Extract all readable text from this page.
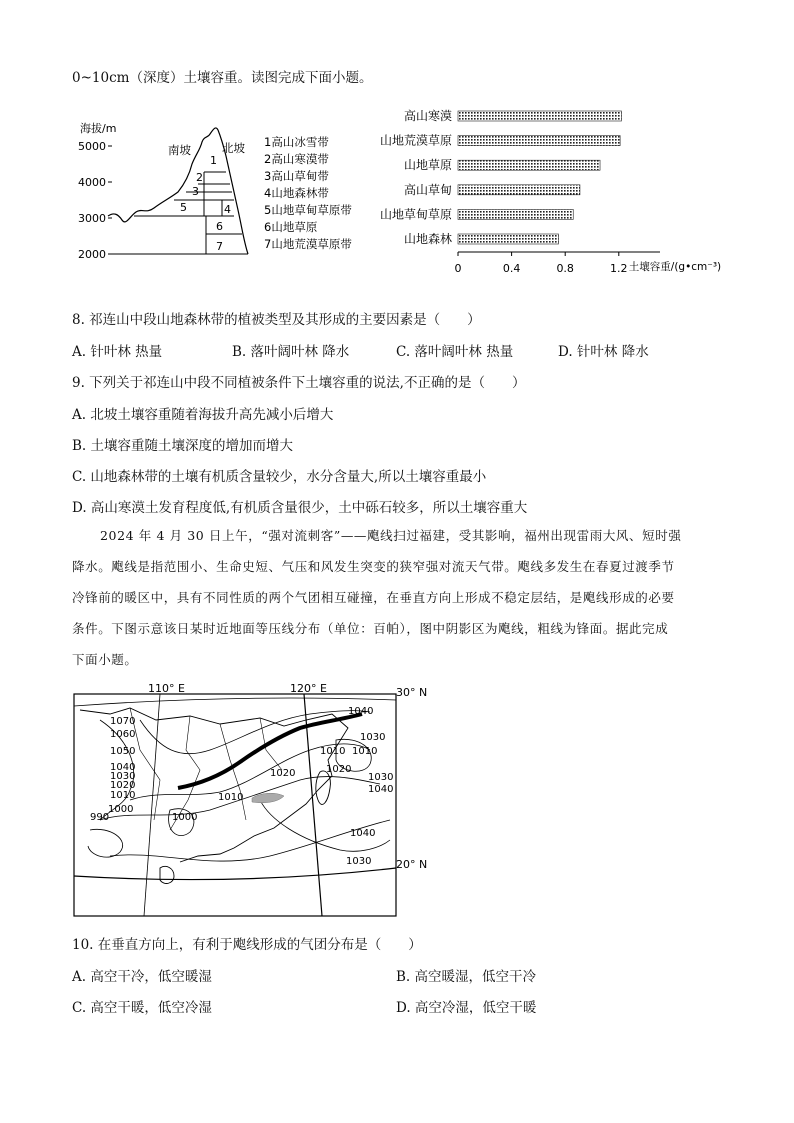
0~10cm（深度）土壤容重。读图完成下面小题。
海拔/m
5000
4000
3000
2000
1
2
3
4
5
6
7
南坡	北坡 1高山冰雪带
2高山寒漠带
3高山草甸带
4山地森林带
5山地草甸草原带
6山地草原
7山地荒漠草原带
高山寒漠
山地荒漠草原
山地草原
高山草甸
山地草甸草原
山地森林
0	0.4	0.8	1.2 土壤容重/(g•cm⁻³)
8. 祁连山中段山地森林带的植被类型及其形成的主要因素是（　　）
A. 针叶林 热量	B. 落叶阔叶林 降水	C. 落叶阔叶林 热量	D. 针叶林 降水
9. 下列关于祁连山中段不同植被条件下土壤容重的说法,不正确的是（　　）
A. 北坡土壤容重随着海拔升高先减小后增大
B. 土壤容重随土壤深度的增加而增大
C. 山地森林带的土壤有机质含量较少，水分含量大,所以土壤容重最小
D. 高山寒漠土发育程度低,有机质含量很少，土中砾石较多，所以土壤容重大
2024 年 4 月 30 日上午，“强对流刺客”——飑线扫过福建，受其影响，福州出现雷雨大风、短时强
降水。飑线是指范围小、生命史短、气压和风发生突变的狭窄强对流天气带。飑线多发生在春夏过渡季节
冷锋前的暖区中，具有不同性质的两个气团相互碰撞，在垂直方向上形成不稳定层结，是飑线形成的必要
条件。下图示意该日某时近地面等压线分布（单位：百帕），图中阴影区为飑线，粗线为锋面。据此完成
下面小题。
110° E	120° E	30° N
20° N
1070
1060
1050
1040
1030
1020
1010
1000
990	1000
1010
1020	1020
1010
1040
1030
1010
1030
1040
1040
1030
10. 在垂直方向上，有利于飑线形成的气团分布是（　　）
A. 高空干冷，低空暖湿	B. 高空暖湿，低空干冷
C. 高空干暖，低空冷湿	D. 高空冷湿，低空干暖
